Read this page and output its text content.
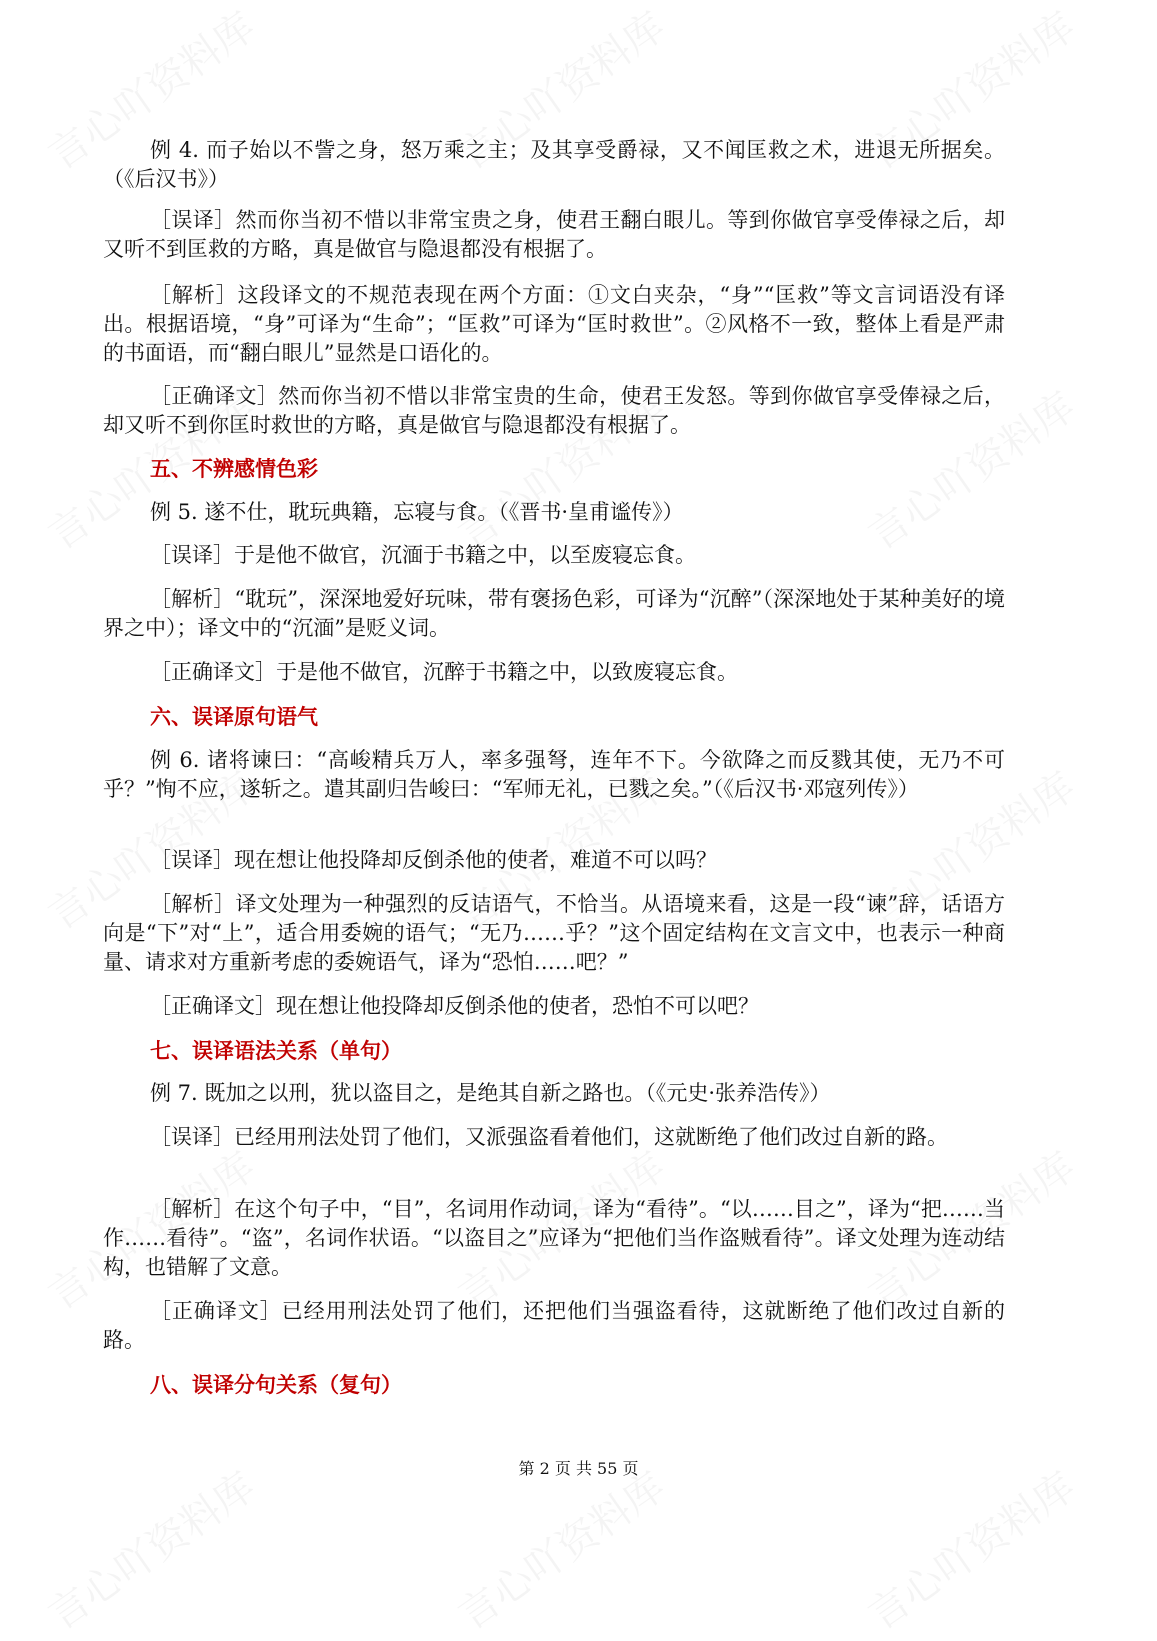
例 4. 而子始以不訾之身，怒万乘之主；及其享受爵禄，又不闻匡救之术，进退无所据矣。（《后汉书》）

［误译］然而你当初不惜以非常宝贵之身，使君王翻白眼儿。等到你做官享受俸禄之后，却又听不到匡救的方略，真是做官与隐退都没有根据了。

［解析］这段译文的不规范表现在两个方面：①文白夹杂，“身”“匡救”等文言词语没有译出。根据语境，“身”可译为“生命”；“匡救”可译为“匡时救世”。②风格不一致，整体上看是严肃的书面语，而“翻白眼儿”显然是口语化的。

［正确译文］然而你当初不惜以非常宝贵的生命，使君王发怒。等到你做官享受俸禄之后，却又听不到你匡时救世的方略，真是做官与隐退都没有根据了。

五、不辨感情色彩

例 5. 遂不仕，耽玩典籍，忘寝与食。（《晋书·皇甫谧传》）

［误译］于是他不做官，沉湎于书籍之中，以至废寝忘食。

［解析］“耽玩”，深深地爱好玩味，带有褒扬色彩，可译为“沉醉”（深深地处于某种美好的境界之中）；译文中的“沉湎”是贬义词。

［正确译文］于是他不做官，沉醉于书籍之中，以致废寝忘食。

六、误译原句语气

例 6. 诸将谏曰：“高峻精兵万人，率多强弩，连年不下。今欲降之而反戮其使，无乃不可乎？”恂不应，遂斩之。遣其副归告峻曰：“军师无礼，已戮之矣。”（《后汉书·邓寇列传》）

［误译］现在想让他投降却反倒杀他的使者，难道不可以吗？

［解析］译文处理为一种强烈的反诘语气，不恰当。从语境来看，这是一段“谏”辞，话语方向是“下”对“上”，适合用委婉的语气；“无乃……乎？”这个固定结构在文言文中，也表示一种商量、请求对方重新考虑的委婉语气，译为“恐怕……吧？”

［正确译文］现在想让他投降却反倒杀他的使者，恐怕不可以吧？

七、误译语法关系（单句）

例 7. 既加之以刑，犹以盗目之，是绝其自新之路也。（《元史·张养浩传》）

［误译］已经用刑法处罚了他们，又派强盗看着他们，这就断绝了他们改过自新的路。

［解析］在这个句子中，“目”，名词用作动词，译为“看待”。“以……目之”，译为“把……当作……看待”。“盗”，名词作状语。“以盗目之”应译为“把他们当作盗贼看待”。译文处理为连动结构，也错解了文意。

［正确译文］已经用刑法处罚了他们，还把他们当强盗看待，这就断绝了他们改过自新的路。

八、误译分句关系（复句）
第 2 页 共 55 页
